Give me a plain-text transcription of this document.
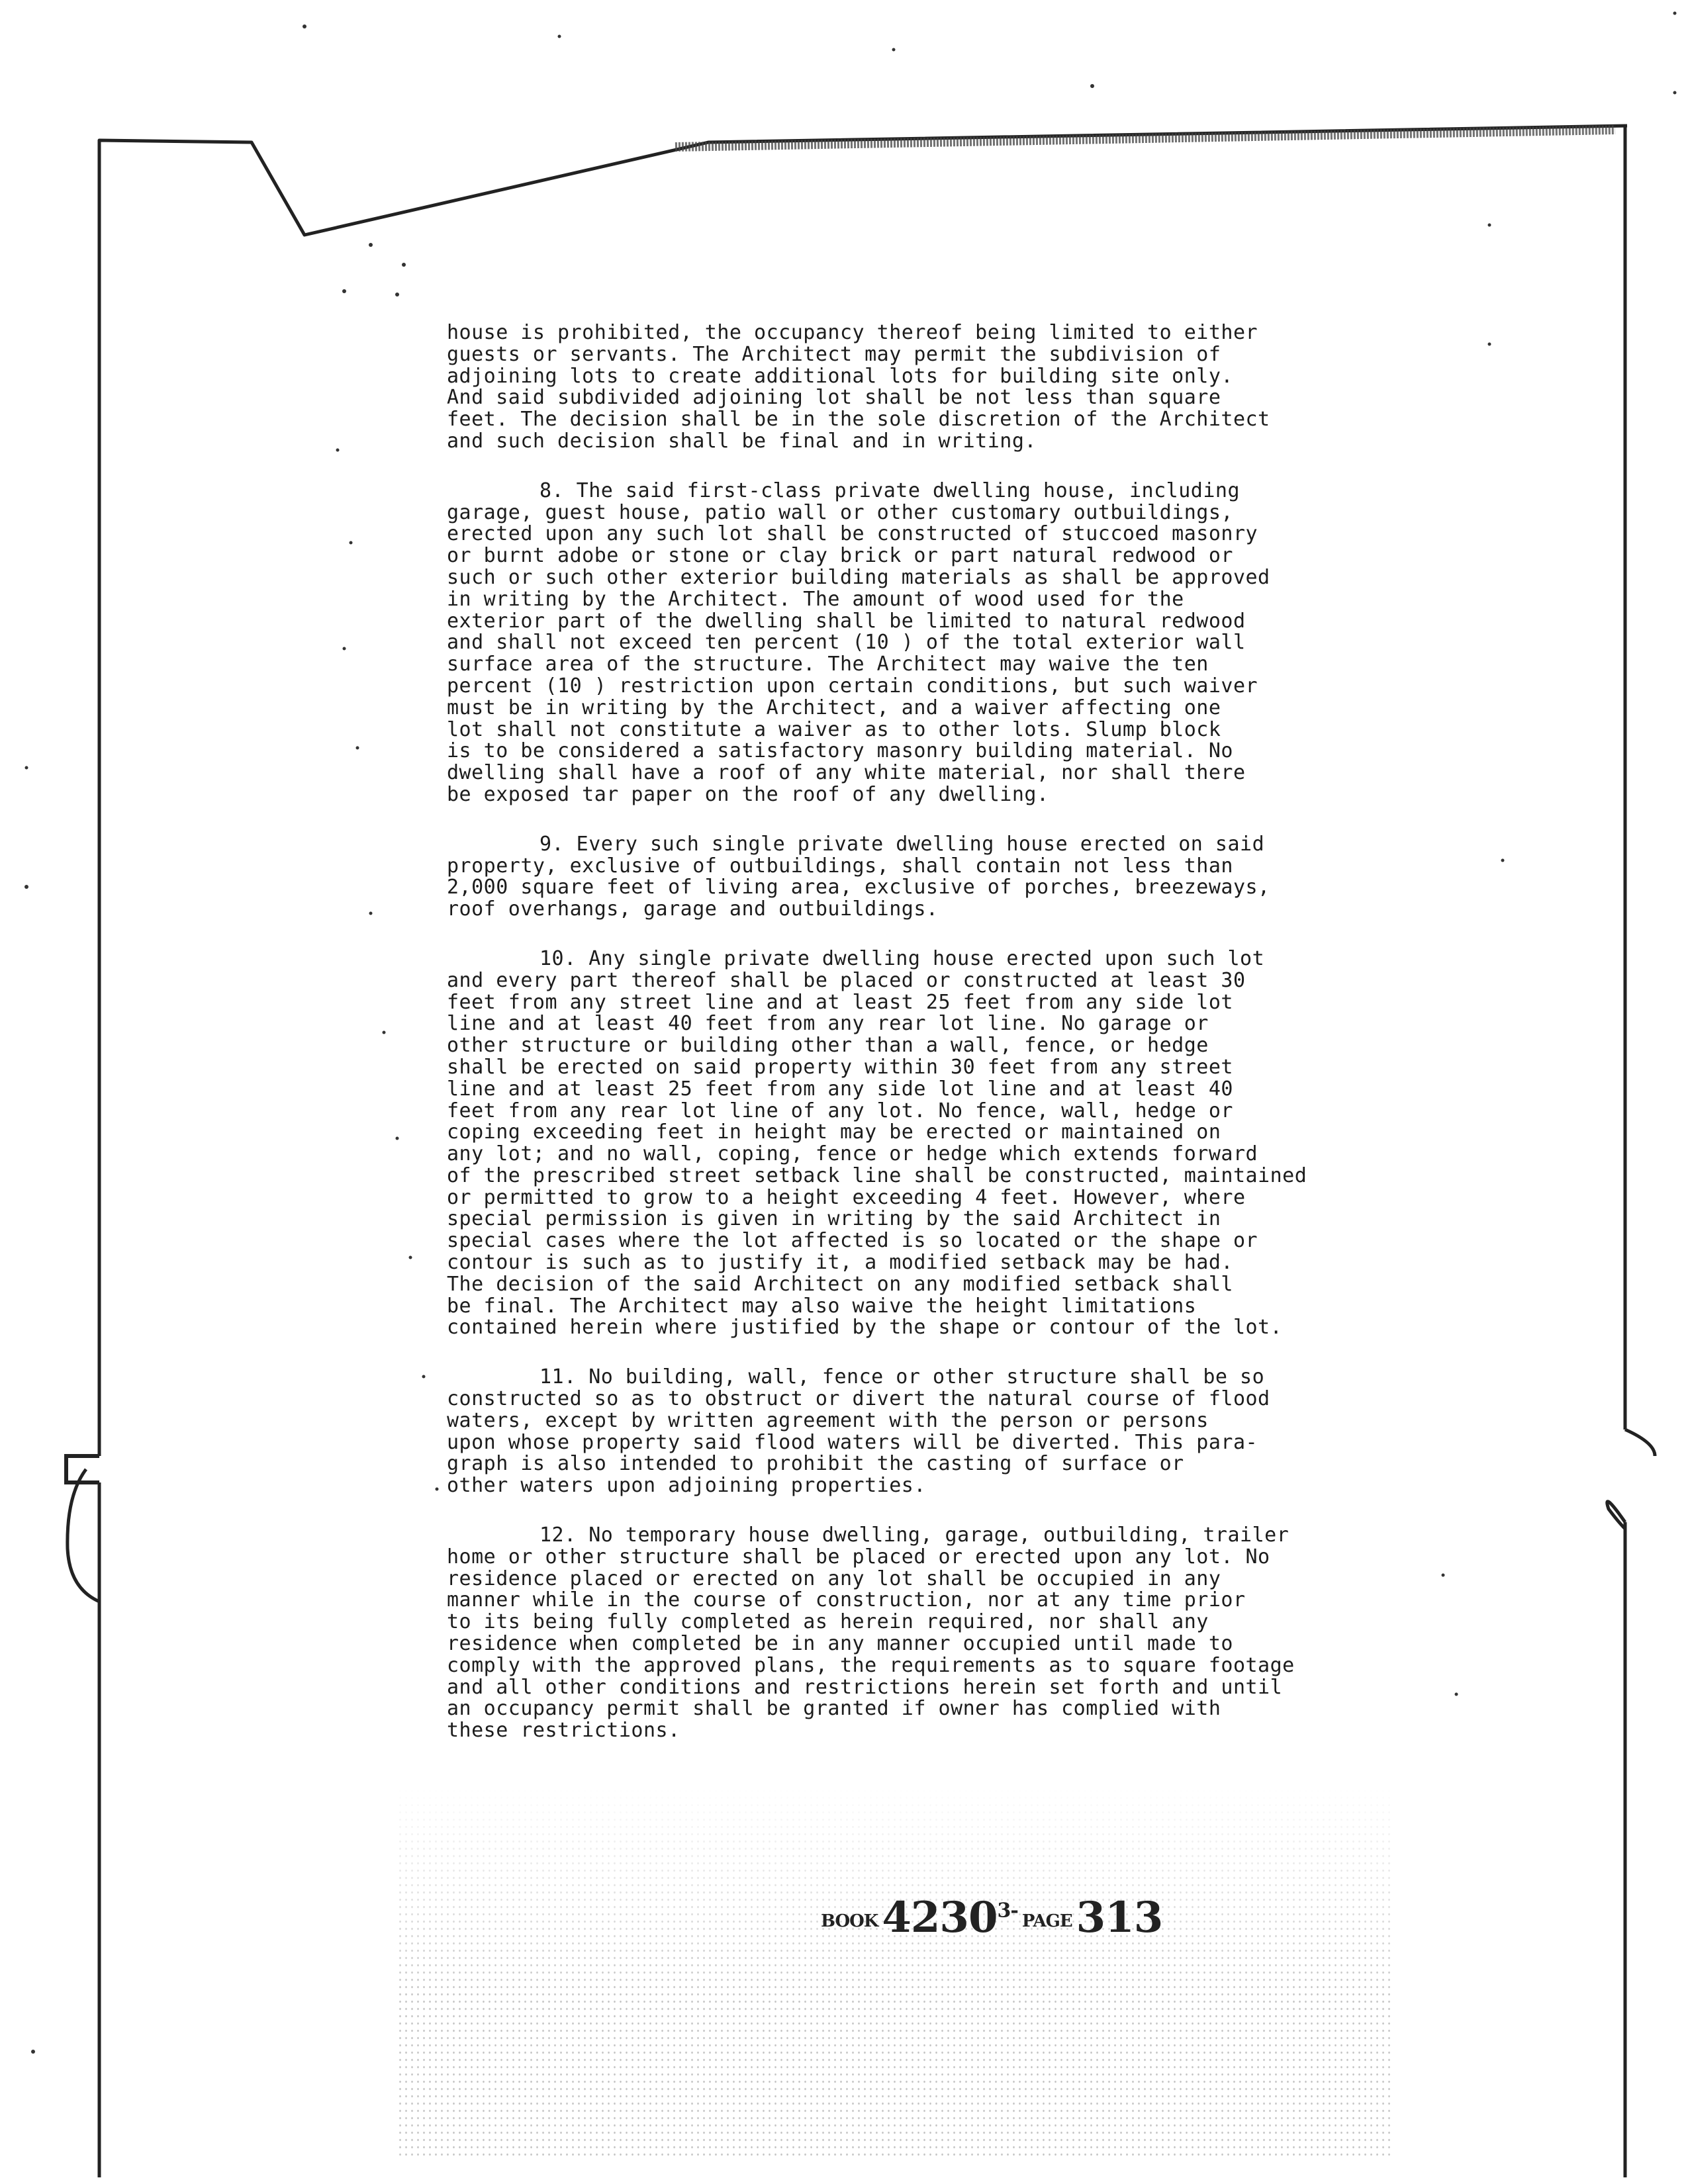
house is prohibited, the occupancy thereof being limited to either
guests or servants. The Architect may permit the subdivision of
adjoining lots to create additional lots for building site only.
And said subdivided adjoining lot shall be not less than square
feet. The decision shall be in the sole discretion of the Architect
and such decision shall be final and in writing.
8. The said first-class private dwelling house, including
garage, guest house, patio wall or other customary outbuildings,
erected upon any such lot shall be constructed of stuccoed masonry
or burnt adobe or stone or clay brick or part natural redwood or
such or such other exterior building materials as shall be approved
in writing by the Architect. The amount of wood used for the
exterior part of the dwelling shall be limited to natural redwood
and shall not exceed ten percent (10 ) of the total exterior wall
surface area of the structure. The Architect may waive the ten
percent (10 ) restriction upon certain conditions, but such waiver
must be in writing by the Architect, and a waiver affecting one
lot shall not constitute a waiver as to other lots. Slump block
is to be considered a satisfactory masonry building material. No
dwelling shall have a roof of any white material, nor shall there
be exposed tar paper on the roof of any dwelling.
9. Every such single private dwelling house erected on said
property, exclusive of outbuildings, shall contain not less than
2,000 square feet of living area, exclusive of porches, breezeways,
roof overhangs, garage and outbuildings.
10. Any single private dwelling house erected upon such lot
and every part thereof shall be placed or constructed at least 30
feet from any street line and at least 25 feet from any side lot
line and at least 40 feet from any rear lot line. No garage or
other structure or building other than a wall, fence, or hedge
shall be erected on said property within 30 feet from any street
line and at least 25 feet from any side lot line and at least 40
feet from any rear lot line of any lot. No fence, wall, hedge or
coping exceeding feet in height may be erected or maintained on
any lot; and no wall, coping, fence or hedge which extends forward
of the prescribed street setback line shall be constructed, maintained
or permitted to grow to a height exceeding 4 feet. However, where
special permission is given in writing by the said Architect in
special cases where the lot affected is so located or the shape or
contour is such as to justify it, a modified setback may be had.
The decision of the said Architect on any modified setback shall
be final. The Architect may also waive the height limitations
contained herein where justified by the shape or contour of the lot.
11. No building, wall, fence or other structure shall be so
constructed so as to obstruct or divert the natural course of flood
waters, except by written agreement with the person or persons
upon whose property said flood waters will be diverted. This para-
graph is also intended to prohibit the casting of surface or
other waters upon adjoining properties.
12. No temporary house dwelling, garage, outbuilding, trailer
home or other structure shall be placed or erected upon any lot. No
residence placed or erected on any lot shall be occupied in any
manner while in the course of construction, nor at any time prior
to its being fully completed as herein required, nor shall any
residence when completed be in any manner occupied until made to
comply with the approved plans, the requirements as to square footage
and all other conditions and restrictions herein set forth and until
an occupancy permit shall be granted if owner has complied with
these restrictions.
$BOOK4230^{3-}$ PAGE313
